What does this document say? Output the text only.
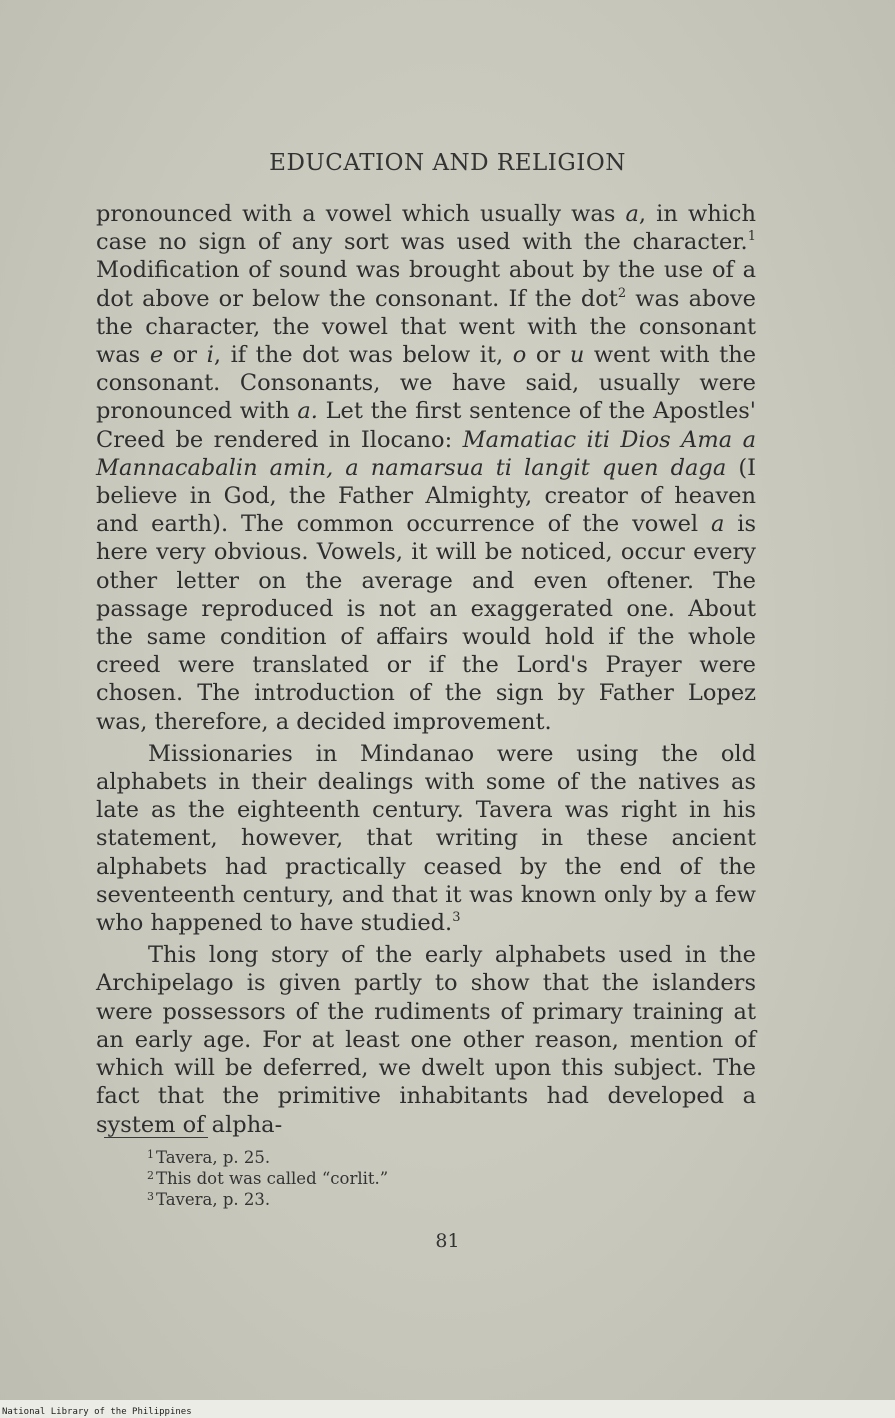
EDUCATION AND RELIGION

pronounced with a vowel which usually was a, in which case no sign of any sort was used with the character.$^1$ Modification of sound was brought about by the use of a dot above or below the consonant. If the dot$^2$ was above the character, the vowel that went with the consonant was e or i, if the dot was below it, o or u went with the consonant. Consonants, we have said, usually were pronounced with a. Let the first sentence of the Apostles' Creed be rendered in Ilocano: Mamatiac iti Dios Ama a Mannacabalin amin, a namarsua ti langit quen daga (I believe in God, the Father Almighty, creator of heaven and earth). The common occurrence of the vowel a is here very obvious. Vowels, it will be noticed, occur every other letter on the average and even oftener. The passage reproduced is not an exaggerated one. About the same condition of affairs would hold if the whole creed were translated or if the Lord's Prayer were chosen. The introduction of the sign by Father Lopez was, therefore, a decided improvement.

Missionaries in Mindanao were using the old alphabets in their dealings with some of the natives as late as the eighteenth century. Tavera was right in his statement, however, that writing in these ancient alphabets had practically ceased by the end of the seventeenth century, and that it was known only by a few who happened to have studied.$^3$

This long story of the early alphabets used in the Archipelago is given partly to show that the islanders were possessors of the rudiments of primary training at an early age. For at least one other reason, mention of which will be deferred, we dwelt upon this subject. The fact that the primitive inhabitants had developed a system of alpha-

$^1$ Tavera, p. 25.
$^2$ This dot was called “corlit.”
$^3$ Tavera, p. 23.
81
National Library of the Philippines
